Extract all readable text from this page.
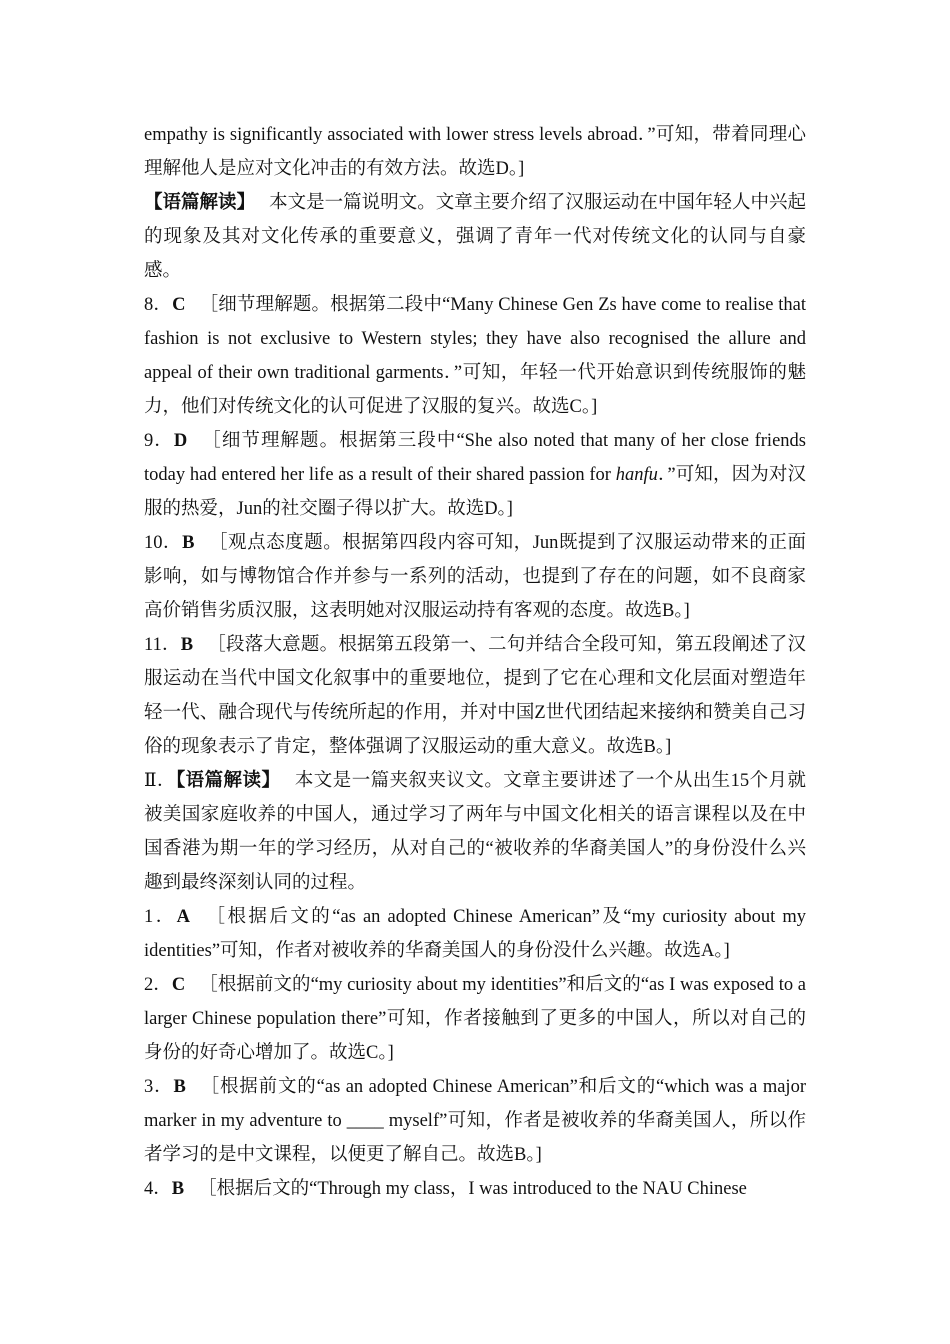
empathy is significantly associated with lower stress levels abroad．”可知，带着同理心理解他人是应对文化冲击的有效方法。故选D。]

【语篇解读】 本文是一篇说明文。文章主要介绍了汉服运动在中国年轻人中兴起的现象及其对文化传承的重要意义，强调了青年一代对传统文化的认同与自豪感。

8．C ［细节理解题。根据第二段中“Many Chinese Gen Zs have come to realise that fashion is not exclusive to Western styles; they have also recognised the allure and appeal of their own traditional garments．”可知，年轻一代开始意识到传统服饰的魅力，他们对传统文化的认可促进了汉服的复兴。故选C。]

9．D ［细节理解题。根据第三段中“She also noted that many of her close friends today had entered her life as a result of their shared passion for hanfu．”可知，因为对汉服的热爱，Jun的社交圈子得以扩大。故选D。]

10．B ［观点态度题。根据第四段内容可知，Jun既提到了汉服运动带来的正面影响，如与博物馆合作并参与一系列的活动，也提到了存在的问题，如不良商家高价销售劣质汉服，这表明她对汉服运动持有客观的态度。故选B。]

11．B ［段落大意题。根据第五段第一、二句并结合全段可知，第五段阐述了汉服运动在当代中国文化叙事中的重要地位，提到了它在心理和文化层面对塑造年轻一代、融合现代与传统所起的作用，并对中国Z世代团结起来接纳和赞美自己习俗的现象表示了肯定，整体强调了汉服运动的重大意义。故选B。]

Ⅱ．【语篇解读】 本文是一篇夹叙夹议文。文章主要讲述了一个从出生15个月就被美国家庭收养的中国人，通过学习了两年与中国文化相关的语言课程以及在中国香港为期一年的学习经历，从对自己的“被收养的华裔美国人”的身份没什么兴趣到最终深刻认同的过程。

1．A ［根据后文的“as an adopted Chinese American”及“my curiosity about my identities”可知，作者对被收养的华裔美国人的身份没什么兴趣。故选A。]

2．C ［根据前文的“my curiosity about my identities”和后文的“as I was exposed to a larger Chinese population there”可知，作者接触到了更多的中国人，所以对自己的身份的好奇心增加了。故选C。]

3．B ［根据前文的“as an adopted Chinese American”和后文的“which was a major marker in my adventure to ____ myself”可知，作者是被收养的华裔美国人，所以作者学习的是中文课程，以便更了解自己。故选B。]

4．B ［根据后文的“Through my class，I was introduced to the NAU Chinese
